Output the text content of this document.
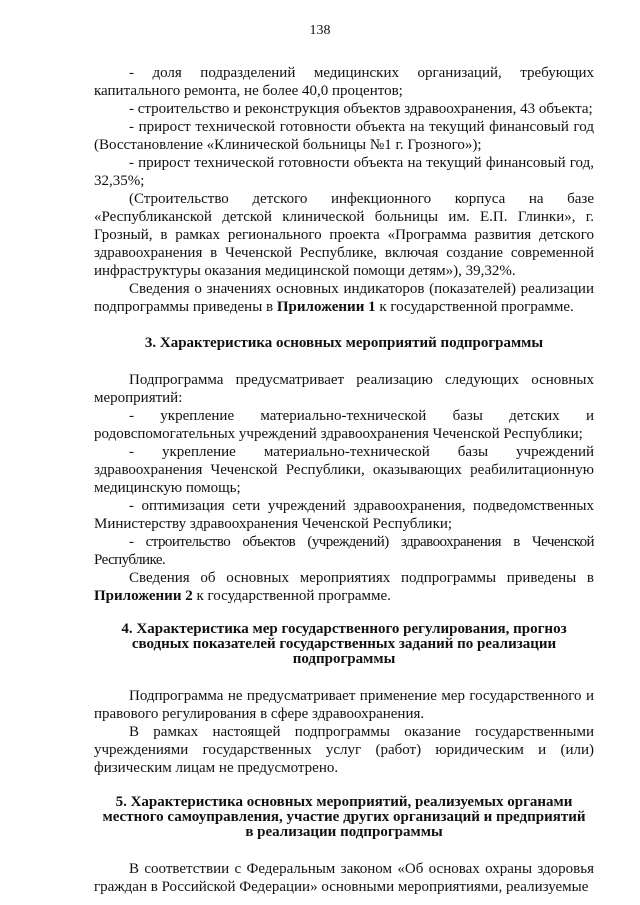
138

- доля подразделений медицинских организаций, требующих капитального ремонта, не более 40,0 процентов;

- строительство и реконструкция объектов здравоохранения, 43 объекта;

- прирост технической готовности объекта на текущий финансовый год (Восстановление «Клинической больницы №1 г. Грозного»);

- прирост технической готовности объекта на текущий финансовый год, 32,35%;

(Строительство детского инфекционного корпуса на базе «Республиканской детской клинической больницы им. Е.П. Глинки», г. Грозный, в рамках регионального проекта «Программа развития детского здравоохранения в Чеченской Республике, включая создание современной инфраструктуры оказания медицинской помощи детям»), 39,32%.

Сведения о значениях основных индикаторов (показателей) реализации подпрограммы приведены в Приложении 1 к государственной программе.

3. Характеристика основных мероприятий подпрограммы

Подпрограмма предусматривает реализацию следующих основных мероприятий:

- укрепление материально-технической базы детских и родовспомогательных учреждений здравоохранения Чеченской Республики;

- укрепление материально-технической базы учреждений здравоохранения Чеченской Республики, оказывающих реабилитационную медицинскую помощь;

- оптимизация сети учреждений здравоохранения, подведомственных Министерству здравоохранения Чеченской Республики;

- строительство объектов (учреждений) здравоохранения в Чеченской Республике.

Сведения об основных мероприятиях подпрограммы приведены в Приложении 2 к государственной программе.

4. Характеристика мер государственного регулирования, прогноз сводных показателей государственных заданий по реализации подпрограммы

Подпрограмма не предусматривает применение мер государственного и правового регулирования в сфере здравоохранения.

В рамках настоящей подпрограммы оказание государственными учреждениями государственных услуг (работ) юридическим и (или) физическим лицам не предусмотрено.

5. Характеристика основных мероприятий, реализуемых органами местного самоуправления, участие других организаций и предприятий в реализации подпрограммы

В соответствии с Федеральным законом «Об основах охраны здоровья граждан в Российской Федерации» основными мероприятиями, реализуемые
